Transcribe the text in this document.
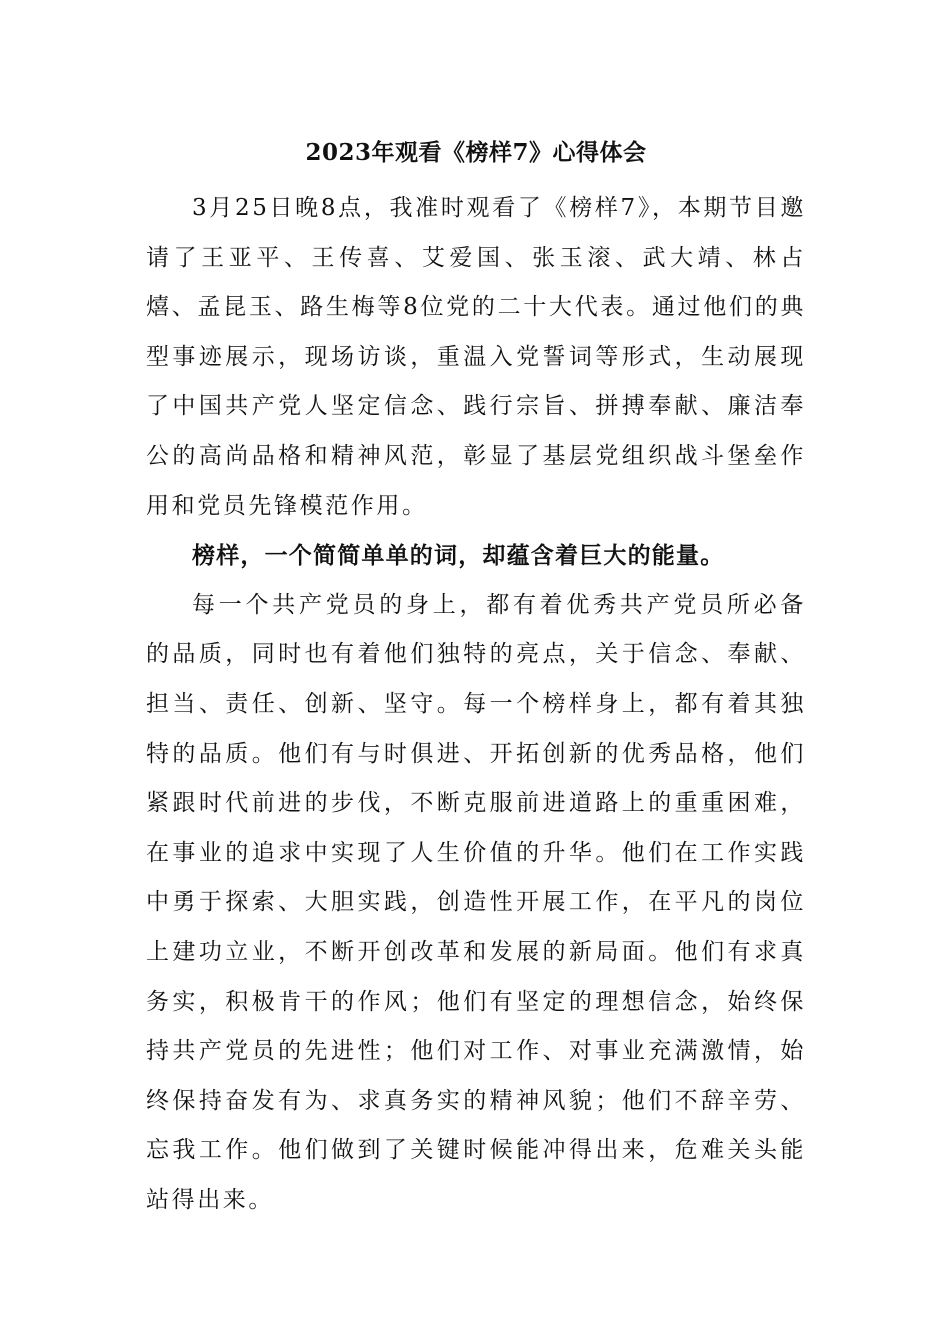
2023年观看《榜样7》心得体会

3月25日晚8点，我准时观看了《榜样7》，本期节目邀请了王亚平、王传喜、艾爱国、张玉滚、武大靖、林占熺、孟昆玉、路生梅等8位党的二十大代表。通过他们的典型事迹展示，现场访谈，重温入党誓词等形式，生动展现了中国共产党人坚定信念、践行宗旨、拼搏奉献、廉洁奉公的高尚品格和精神风范，彰显了基层党组织战斗堡垒作用和党员先锋模范作用。

榜样，一个简简单单的词，却蕴含着巨大的能量。

每一个共产党员的身上，都有着优秀共产党员所必备的品质，同时也有着他们独特的亮点，关于信念、奉献、担当、责任、创新、坚守。每一个榜样身上，都有着其独特的品质。他们有与时俱进、开拓创新的优秀品格，他们紧跟时代前进的步伐，不断克服前进道路上的重重困难，在事业的追求中实现了人生价值的升华。他们在工作实践中勇于探索、大胆实践，创造性开展工作，在平凡的岗位上建功立业，不断开创改革和发展的新局面。他们有求真务实，积极肯干的作风；他们有坚定的理想信念，始终保持共产党员的先进性；他们对工作、对事业充满激情，始终保持奋发有为、求真务实的精神风貌；他们不辞辛劳、忘我工作。他们做到了关键时候能冲得出来，危难关头能站得出来。
